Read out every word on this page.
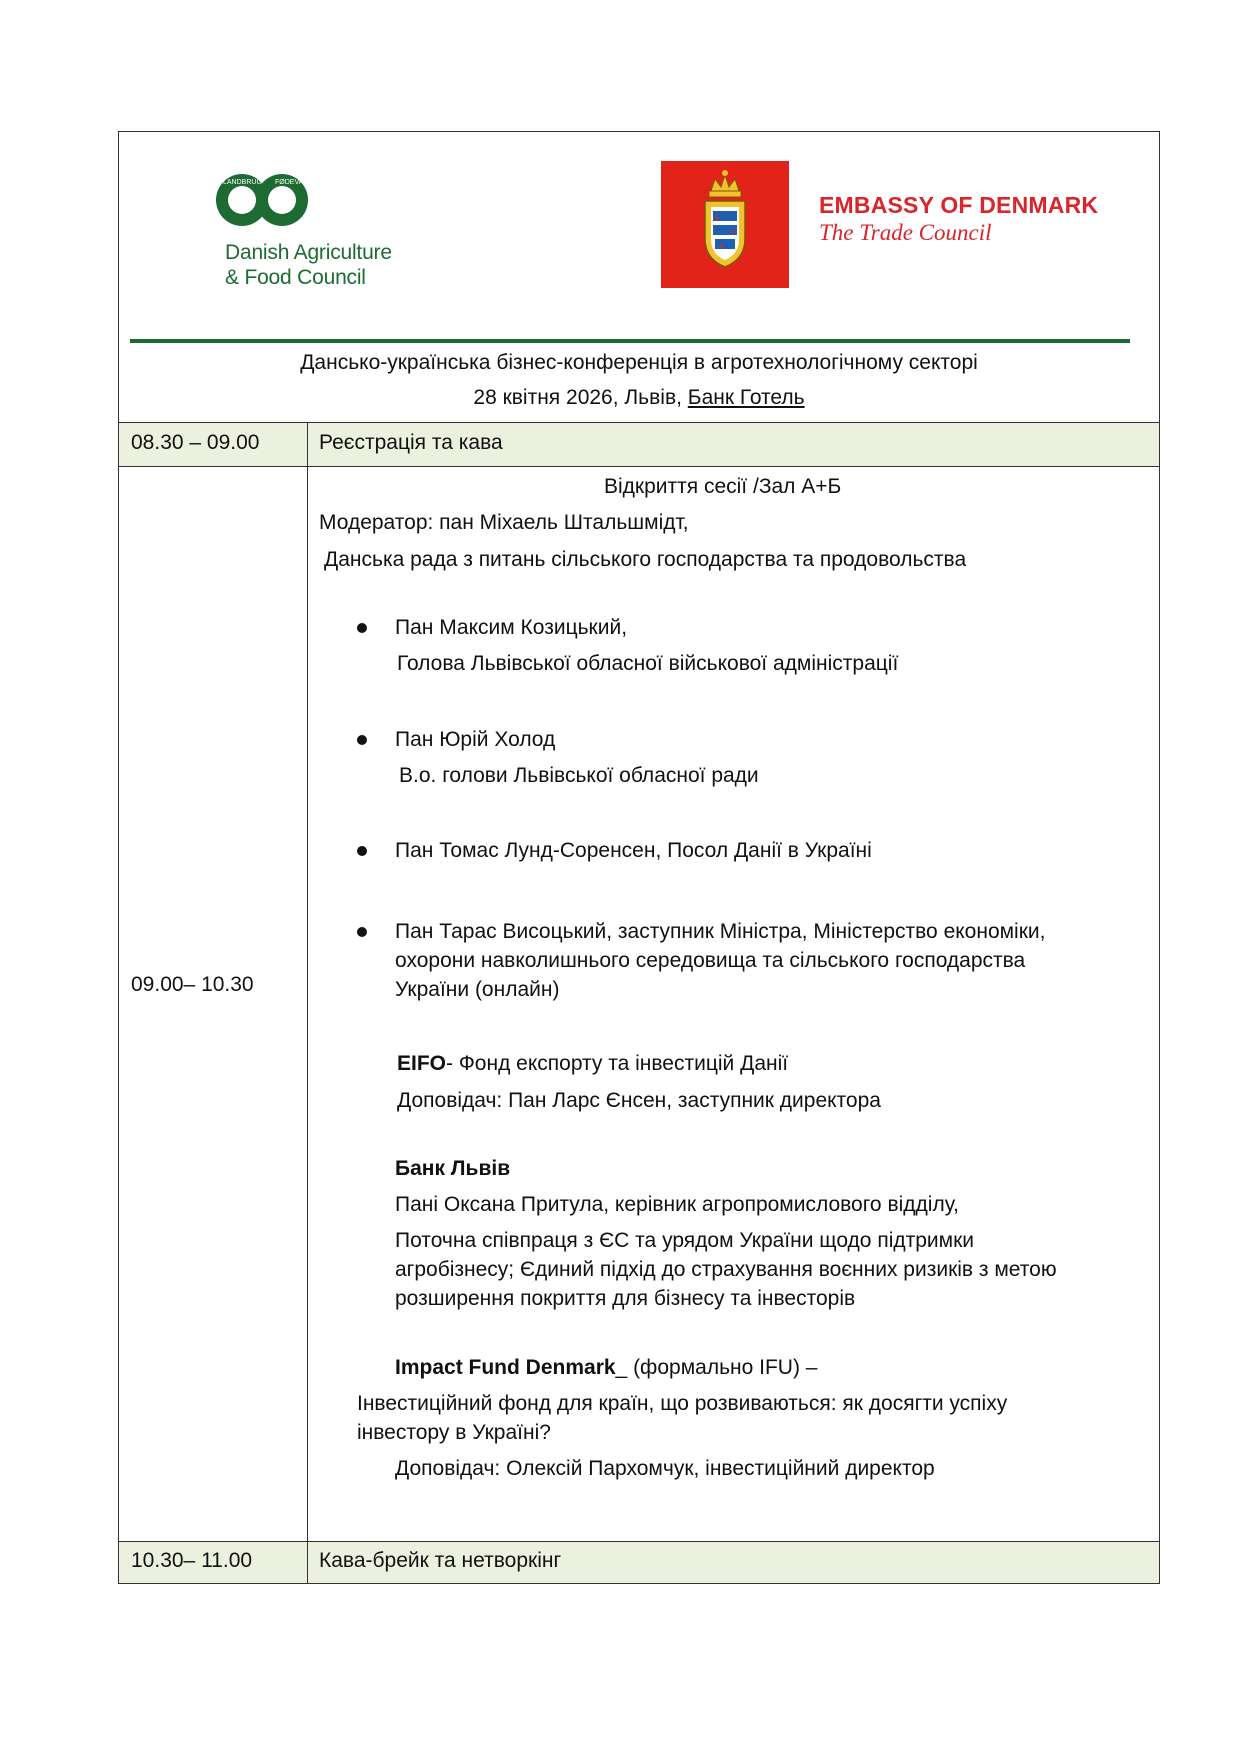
LANDBRUG FØDEVARER
Danish Agriculture
& Food Council
EMBASSY OF DENMARK
The Trade Council
Дансько-українська бізнес-конференція в агротехнологічному секторі
28 квітня 2026, Львів, Банк Готель
08.30 – 09.00	Реєстрація та кава
09.00– 10.30
Відкриття сесії /Зал А+Б
Модератор: пан Міхаель Штальшмідт,
Данська рада з питань сільського господарства та продовольства
Пан Максим Козицький,
Голова Львівської обласної військової адміністрації
Пан Юрій Холод
В.о. голови Львівської обласної ради
Пан Томас Лунд-Соренсен, Посол Данії в Україні
Пан Тарас Висоцький, заступник Міністра, Міністерство економіки,
охорони навколишнього середовища та сільського господарства
України (онлайн)
EIFO- Фонд експорту та інвестицій Данії
Доповідач: Пан Ларс Єнсен, заступник директора
Банк Львів
Пані Оксана Притула, керівник агропромислового відділу,
Поточна співпраця з ЄС та урядом України щодо підтримки
агробізнесу; Єдиний підхід до страхування воєнних ризиків з метою
розширення покриття для бізнесу та інвесторів
Impact Fund Denmark_ (формально IFU) –
Інвестиційний фонд для країн, що розвиваються: як досягти успіху
інвестору в Україні?
Доповідач: Олексій Пархомчук, інвестиційний директор
10.30– 11.00	Кава-брейк та нетворкінг
